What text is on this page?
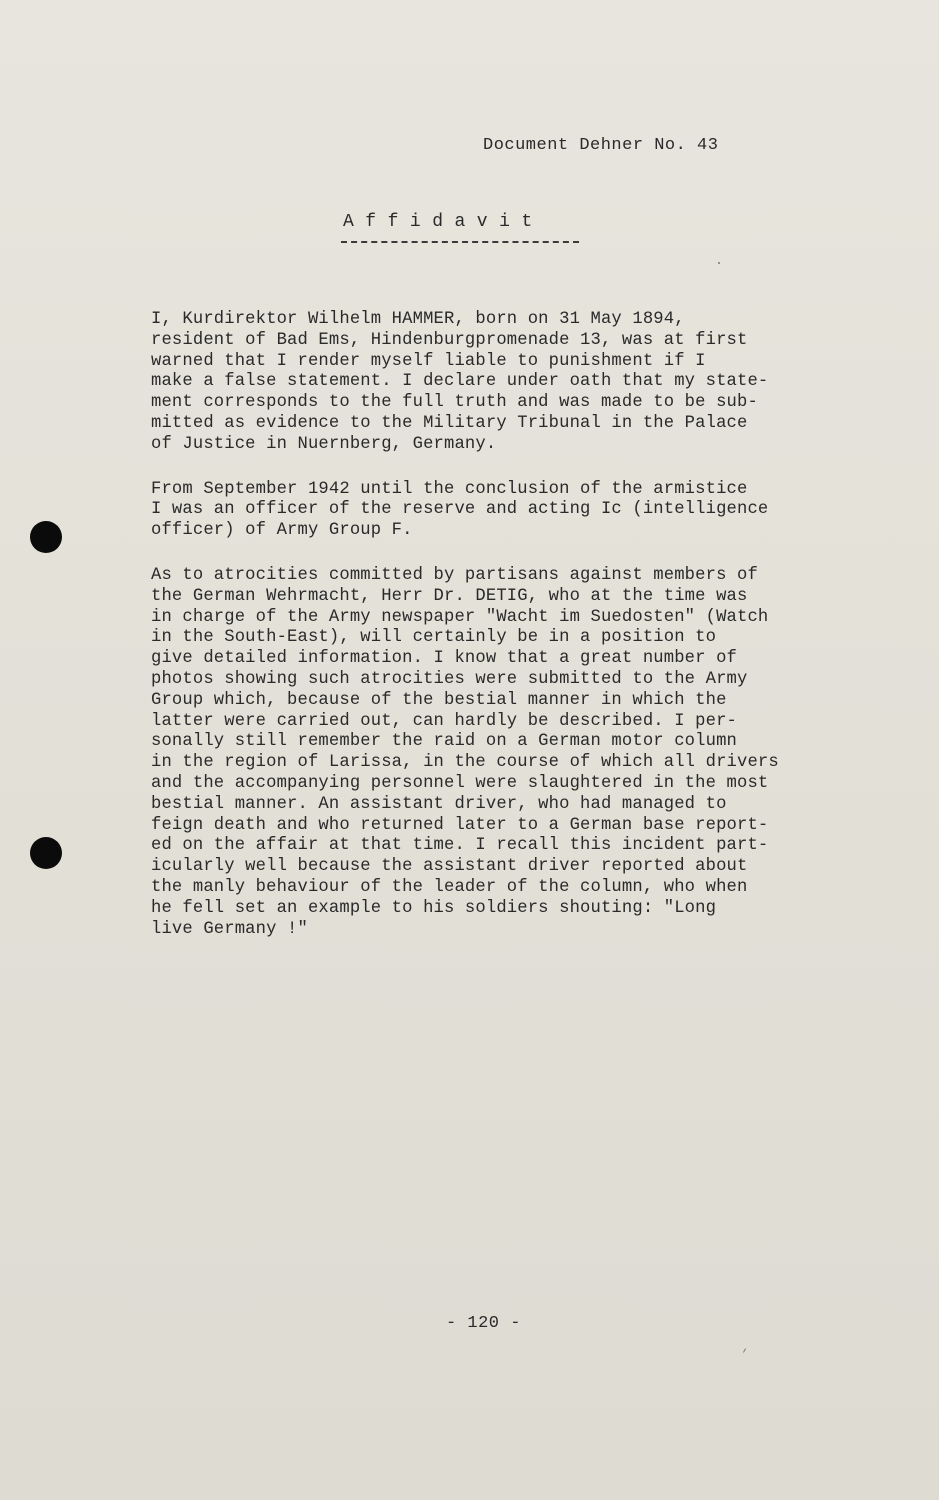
Document Dehner No. 43
Affidavit
I, Kurdirektor Wilhelm HAMMER, born on 31 May 1894,
resident of Bad Ems, Hindenburgpromenade 13, was at first
warned that I render myself liable to punishment if I
make a false statement. I declare under oath that my state-
ment corresponds to the full truth and was made to be sub-
mitted as evidence to the Military Tribunal in the Palace
of Justice in Nuernberg, Germany.
From September 1942 until the conclusion of the armistice
I was an officer of the reserve and acting Ic (intelligence
officer) of Army Group F.
As to atrocities committed by partisans against members of
the German Wehrmacht, Herr Dr. DETIG, who at the time was
in charge of the Army newspaper "Wacht im Suedosten" (Watch
in the South-East), will certainly be in a position to
give detailed information. I know that a great number of
photos showing such atrocities were submitted to the Army
Group which, because of the bestial manner in which the
latter were carried out, can hardly be described. I per-
sonally still remember the raid on a German motor column
in the region of Larissa, in the course of which all drivers
and the accompanying personnel were slaughtered in the most
bestial manner. An assistant driver, who had managed to
feign death and who returned later to a German base report-
ed on the affair at that time. I recall this incident part-
icularly well because the assistant driver reported about
the manly behaviour of the leader of the column, who when
he fell set an example to his soldiers shouting: "Long
live Germany !"
- 120 -
